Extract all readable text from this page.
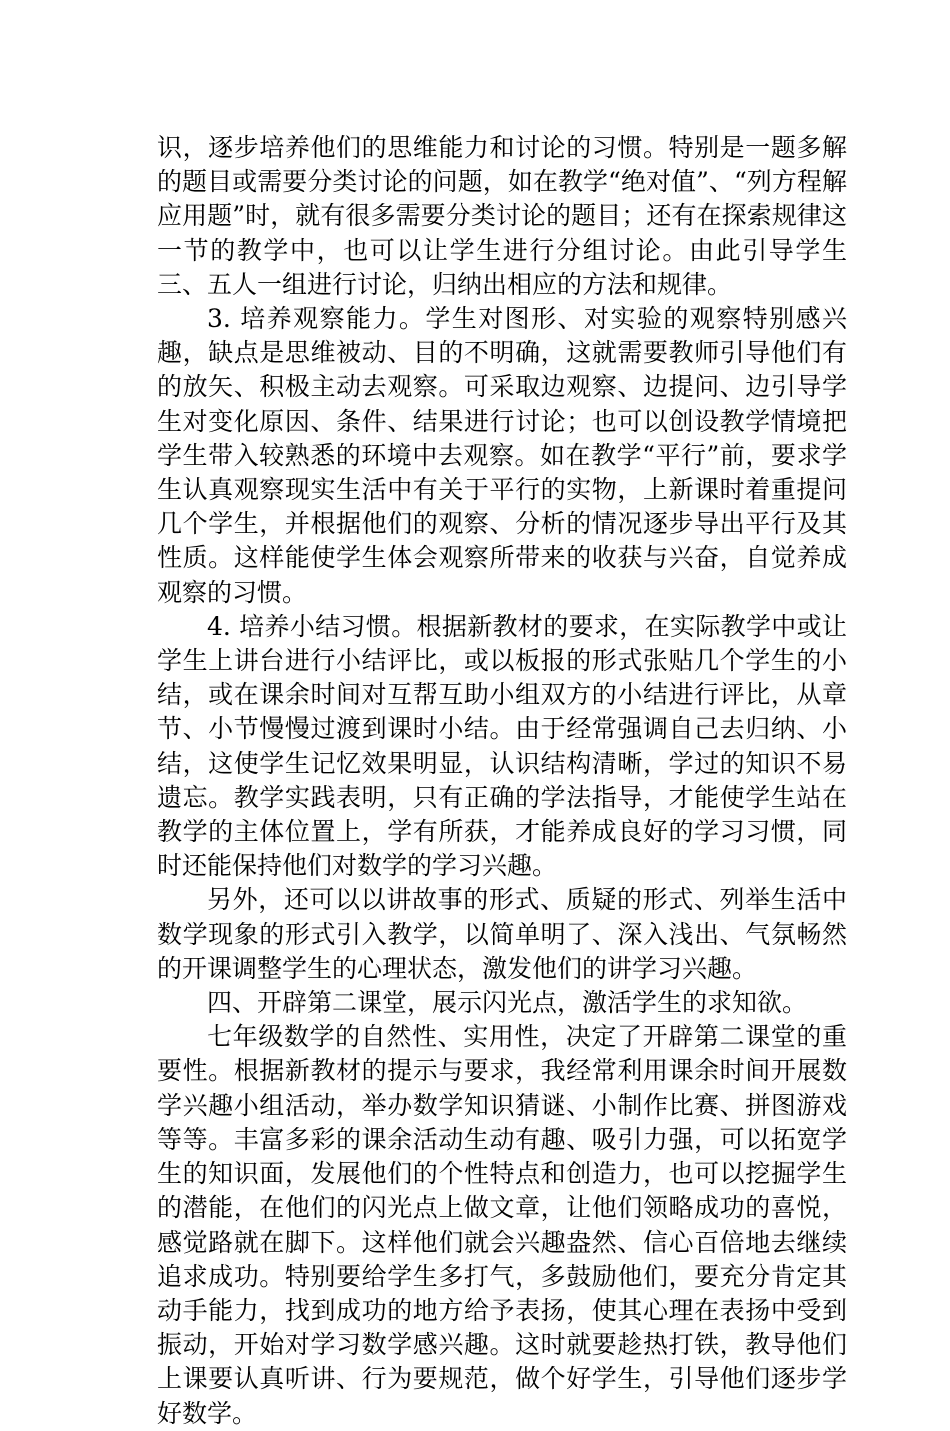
识，逐步培养他们的思维能力和讨论的习惯。特别是一题多解的题目或需要分类讨论的问题，如在教学“绝对值”、“列方程解应用题”时，就有很多需要分类讨论的题目；还有在探索规律这一节的教学中，也可以让学生进行分组讨论。由此引导学生三、五人一组进行讨论，归纳出相应的方法和规律。

3. 培养观察能力。学生对图形、对实验的观察特别感兴趣，缺点是思维被动、目的不明确，这就需要教师引导他们有的放矢、积极主动去观察。可采取边观察、边提问、边引导学生对变化原因、条件、结果进行讨论；也可以创设教学情境把学生带入较熟悉的环境中去观察。如在教学“平行”前，要求学生认真观察现实生活中有关于平行的实物，上新课时着重提问几个学生，并根据他们的观察、分析的情况逐步导出平行及其性质。这样能使学生体会观察所带来的收获与兴奋，自觉养成观察的习惯。

4. 培养小结习惯。根据新教材的要求，在实际教学中或让学生上讲台进行小结评比，或以板报的形式张贴几个学生的小结，或在课余时间对互帮互助小组双方的小结进行评比，从章节、小节慢慢过渡到课时小结。由于经常强调自己去归纳、小结，这使学生记忆效果明显，认识结构清晰，学过的知识不易遗忘。教学实践表明，只有正确的学法指导，才能使学生站在教学的主体位置上，学有所获，才能养成良好的学习习惯，同时还能保持他们对数学的学习兴趣。

另外，还可以以讲故事的形式、质疑的形式、列举生活中数学现象的形式引入教学，以简单明了、深入浅出、气氛畅然的开课调整学生的心理状态，激发他们的讲学习兴趣。

四、开辟第二课堂，展示闪光点，激活学生的求知欲。

七年级数学的自然性、实用性，决定了开辟第二课堂的重要性。根据新教材的提示与要求，我经常利用课余时间开展数学兴趣小组活动，举办数学知识猜谜、小制作比赛、拼图游戏等等。丰富多彩的课余活动生动有趣、吸引力强，可以拓宽学生的知识面，发展他们的个性特点和创造力，也可以挖掘学生的潜能，在他们的闪光点上做文章，让他们领略成功的喜悦，感觉路就在脚下。这样他们就会兴趣盎然、信心百倍地去继续追求成功。特别要给学生多打气，多鼓励他们，要充分肯定其动手能力，找到成功的地方给予表扬，使其心理在表扬中受到振动，开始对学习数学感兴趣。这时就要趁热打铁，教导他们上课要认真听讲、行为要规范，做个好学生，引导他们逐步学好数学。
